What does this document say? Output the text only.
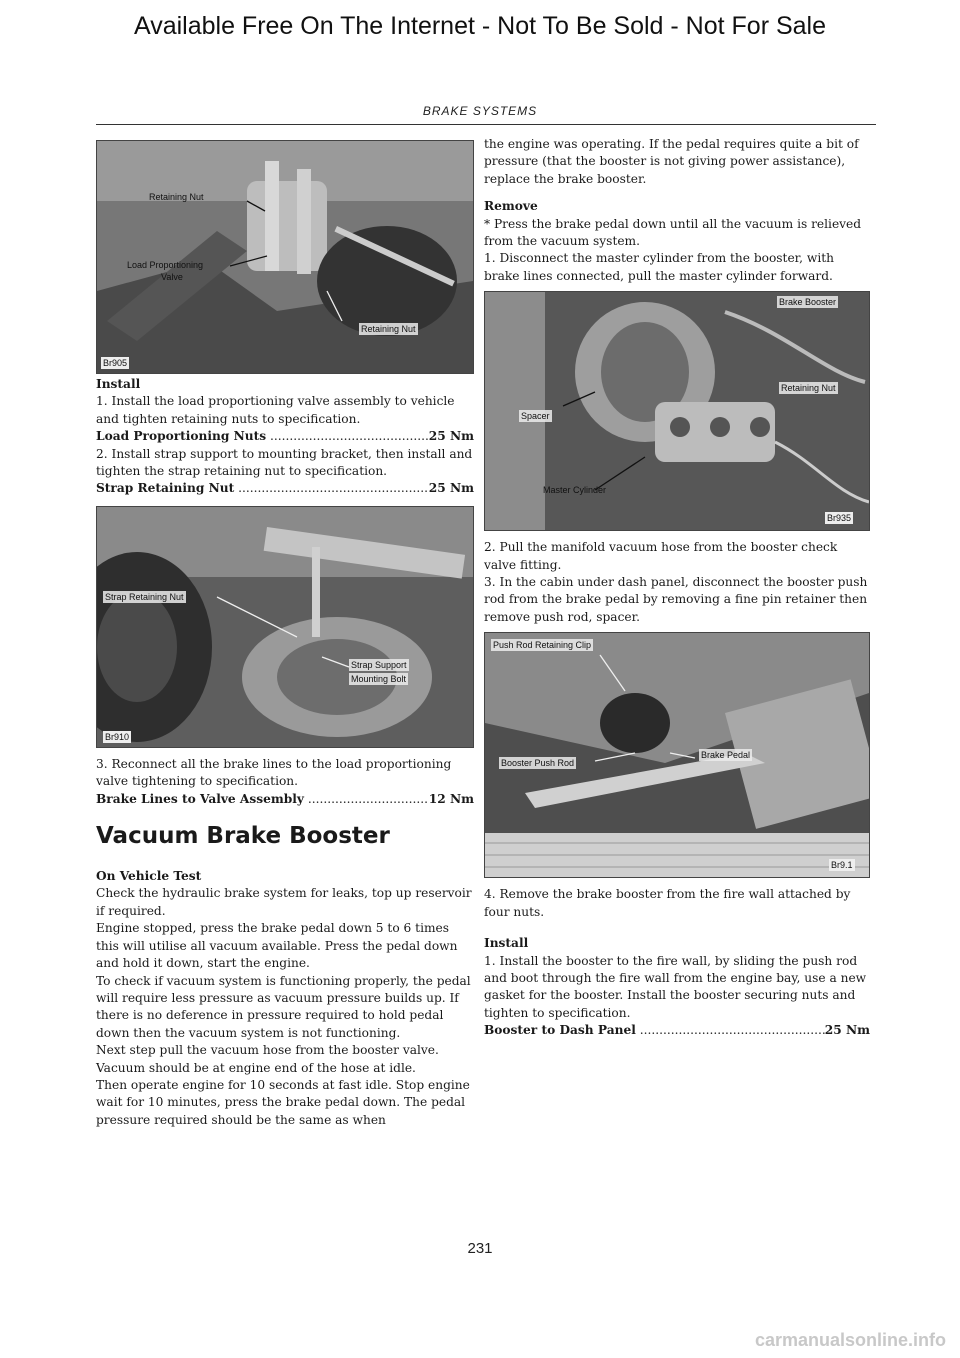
Available Free On The Internet - Not To Be Sold - Not For Sale
BRAKE SYSTEMS
Retaining Nut
Load Proportioning
Valve
Retaining Nut
Br905

Install

1. Install the load proportioning valve assembly to vehicle and tighten retaining nuts to specification.

Load Proportioning Nuts .....	25 Nm

2. Install strap support to mounting bracket, then install and tighten the strap retaining nut to specification.

Strap Retaining Nut .....	25 Nm
Strap Retaining Nut
Strap Support
Mounting Bolt
Br910

3. Reconnect all the brake lines to the load proportioning valve tightening to specification.

Brake Lines to Valve Assembly .....	12 Nm
Vacuum Brake Booster

On Vehicle Test

Check the hydraulic brake system for leaks, top up reservoir if required.

Engine stopped, press the brake pedal down 5 to 6 times this will utilise all vacuum available. Press the pedal down and hold it down, start the engine.

To check if vacuum system is functioning properly, the pedal will require less pressure as vacuum pressure builds up. If there is no deference in pressure required to hold pedal down then the vacuum system is not functioning.

Next step pull the vacuum hose from the booster valve. Vacuum should be at engine end of the hose at idle.

Then operate engine for 10 seconds at fast idle. Stop engine wait for 10 minutes, press the brake pedal down. The pedal pressure required should be the same as when

the engine was operating. If the pedal requires quite a bit of pressure (that the booster is not giving power assistance), replace the brake booster.

Remove

* Press the brake pedal down until all the vacuum is relieved from the vacuum system.

1. Disconnect the master cylinder from the booster, with brake lines connected, pull the master cylinder forward.

Brake Booster
Retaining Nut
Spacer
Master Cylinder
Br935

2. Pull the manifold vacuum hose from the booster check valve fitting.

3. In the cabin under dash panel, disconnect the booster push rod from the brake pedal by removing a fine pin retainer then remove push rod, spacer.

Push Rod Retaining Clip
Booster Push Rod
Brake Pedal
Br9.1

4. Remove the brake booster from the fire wall attached by four nuts.

Install

1. Install the booster to the fire wall, by sliding the push rod and boot through the fire wall from the engine bay, use a new gasket for the booster. Install the booster securing nuts and tighten to specification.

Booster to Dash Panel .....	25 Nm
231
carmanualsonline.info
